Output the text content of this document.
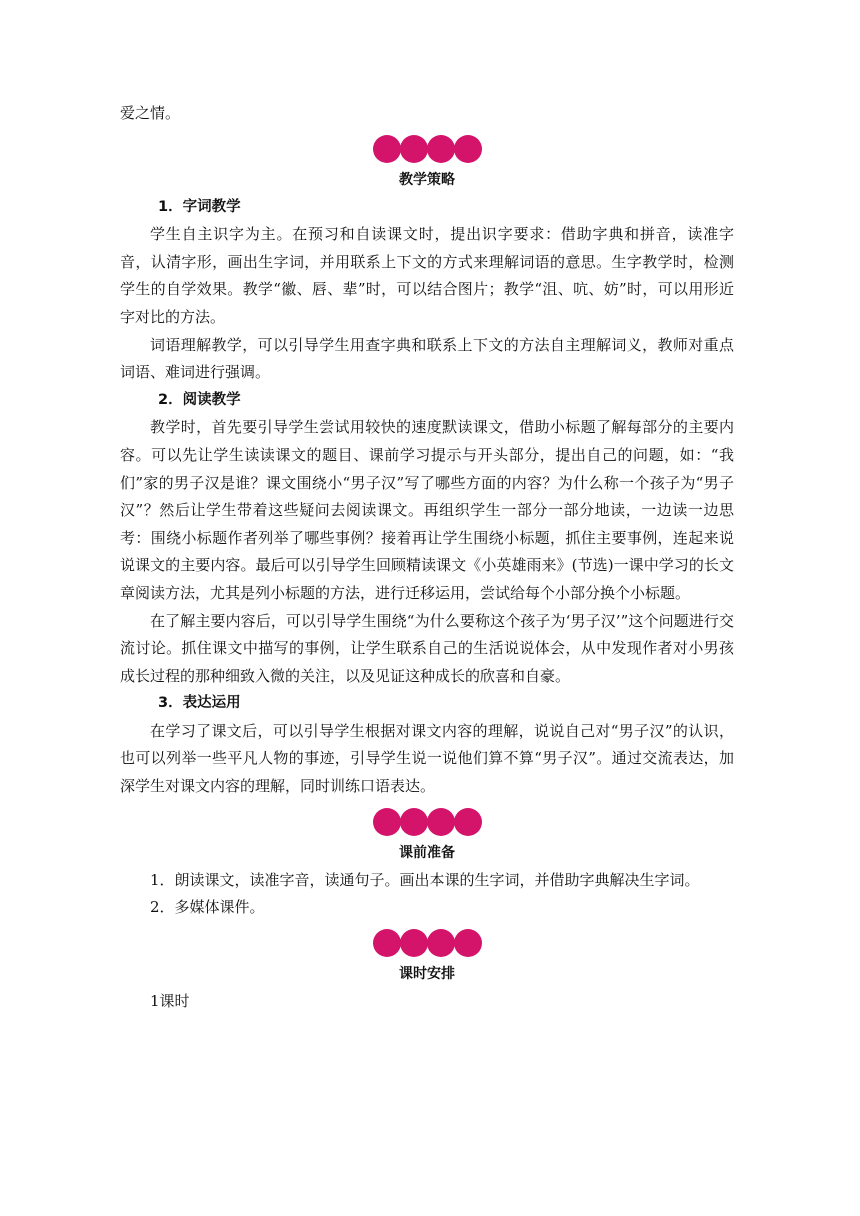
爱之情。

教学策略

1．字词教学

学生自主识字为主。在预习和自读课文时，提出识字要求：借助字典和拼音，读准字音，认清字形，画出生字词，并用联系上下文的方式来理解词语的意思。生字教学时，检测学生的自学效果。教学“徽、唇、辈”时，可以结合图片；教学“沮、吭、妨”时，可以用形近字对比的方法。

词语理解教学，可以引导学生用查字典和联系上下文的方法自主理解词义，教师对重点词语、难词进行强调。

2．阅读教学

教学时，首先要引导学生尝试用较快的速度默读课文，借助小标题了解每部分的主要内容。可以先让学生读读课文的题目、课前学习提示与开头部分，提出自己的问题，如：“我们”家的男子汉是谁？课文围绕小“男子汉”写了哪些方面的内容？为什么称一个孩子为“男子汉”？然后让学生带着这些疑问去阅读课文。再组织学生一部分一部分地读，一边读一边思考：围绕小标题作者列举了哪些事例？接着再让学生围绕小标题，抓住主要事例，连起来说说课文的主要内容。最后可以引导学生回顾精读课文《小英雄雨来》(节选)一课中学习的长文章阅读方法，尤其是列小标题的方法，进行迁移运用，尝试给每个小部分换个小标题。

在了解主要内容后，可以引导学生围绕“为什么要称这个孩子为‘男子汉’”这个问题进行交流讨论。抓住课文中描写的事例，让学生联系自己的生活说说体会，从中发现作者对小男孩成长过程的那种细致入微的关注，以及见证这种成长的欣喜和自豪。

3．表达运用

在学习了课文后，可以引导学生根据对课文内容的理解，说说自己对“男子汉”的认识，也可以列举一些平凡人物的事迹，引导学生说一说他们算不算“男子汉”。通过交流表达，加深学生对课文内容的理解，同时训练口语表达。

课前准备

1．朗读课文，读准字音，读通句子。画出本课的生字词，并借助字典解决生字词。

2．多媒体课件。

课时安排

1课时
